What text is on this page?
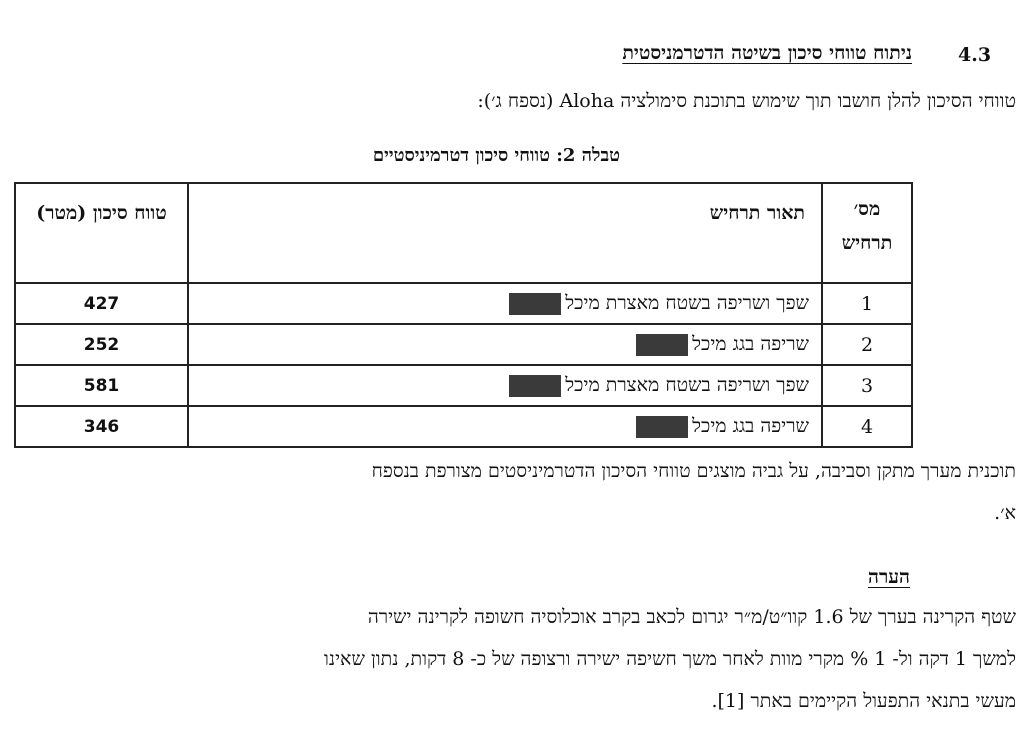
4.3
ניתוח טווחי סיכון בשיטה הדטרמניסטית
טווחי הסיכון להלן חושבו תוך שימוש בתוכנת סימולציה Aloha (נספח ג׳):
טבלה 2: טווחי סיכון דטרמיניסטיים
מס׳
תרחיש	תאור תרחיש	טווח סיכון (מטר)
1	שפך ושריפה בשטח מאצרת מיכל	427
2	שריפה בגג מיכל	252
3	שפך ושריפה בשטח מאצרת מיכל	581
4	שריפה בגג מיכל	346
תוכנית מערך מתקן וסביבה, על גביה מוצגים טווחי הסיכון הדטרמיניסטים מצורפת בנספח
א׳.
הערה
שטף הקרינה בערך של 1.6 קוו״ט/מ״ר יגרום לכאב בקרב אוכלוסיה חשופה לקרינה ישירה
למשך 1 דקה ול- 1 % מקרי מוות לאחר משך חשיפה ישירה ורצופה של כ- 8 דקות, נתון שאינו
מעשי בתנאי התפעול הקיימים באתר [1].
